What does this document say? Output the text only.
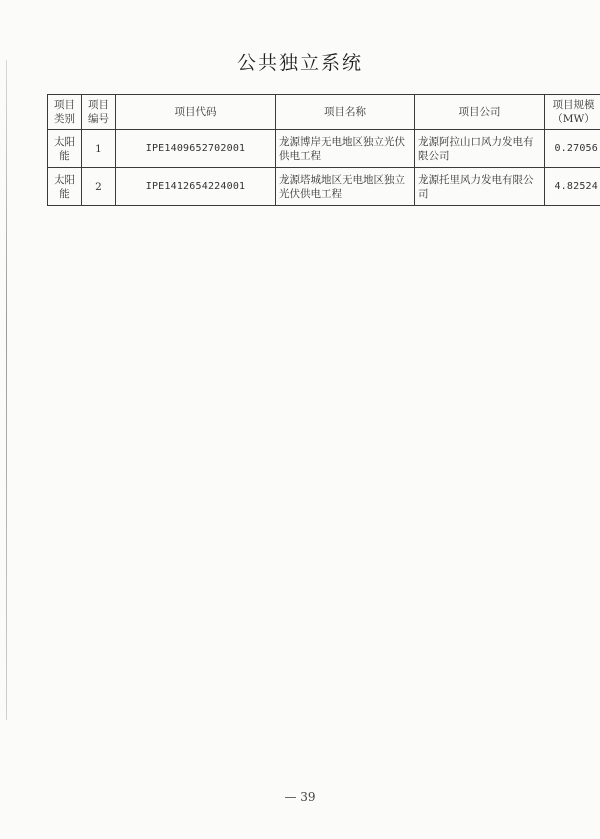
公共独立系统
项目类别	项目编号	项目代码	项目名称	项目公司	项目规模（MW）
太阳能	1	IPE1409652702001	龙源博岸无电地区独立光伏供电工程	龙源阿拉山口风力发电有限公司	0.27056
太阳能	2	IPE1412654224001	龙源塔城地区无电地区独立光伏供电工程	龙源托里风力发电有限公司	4.82524
— 39
